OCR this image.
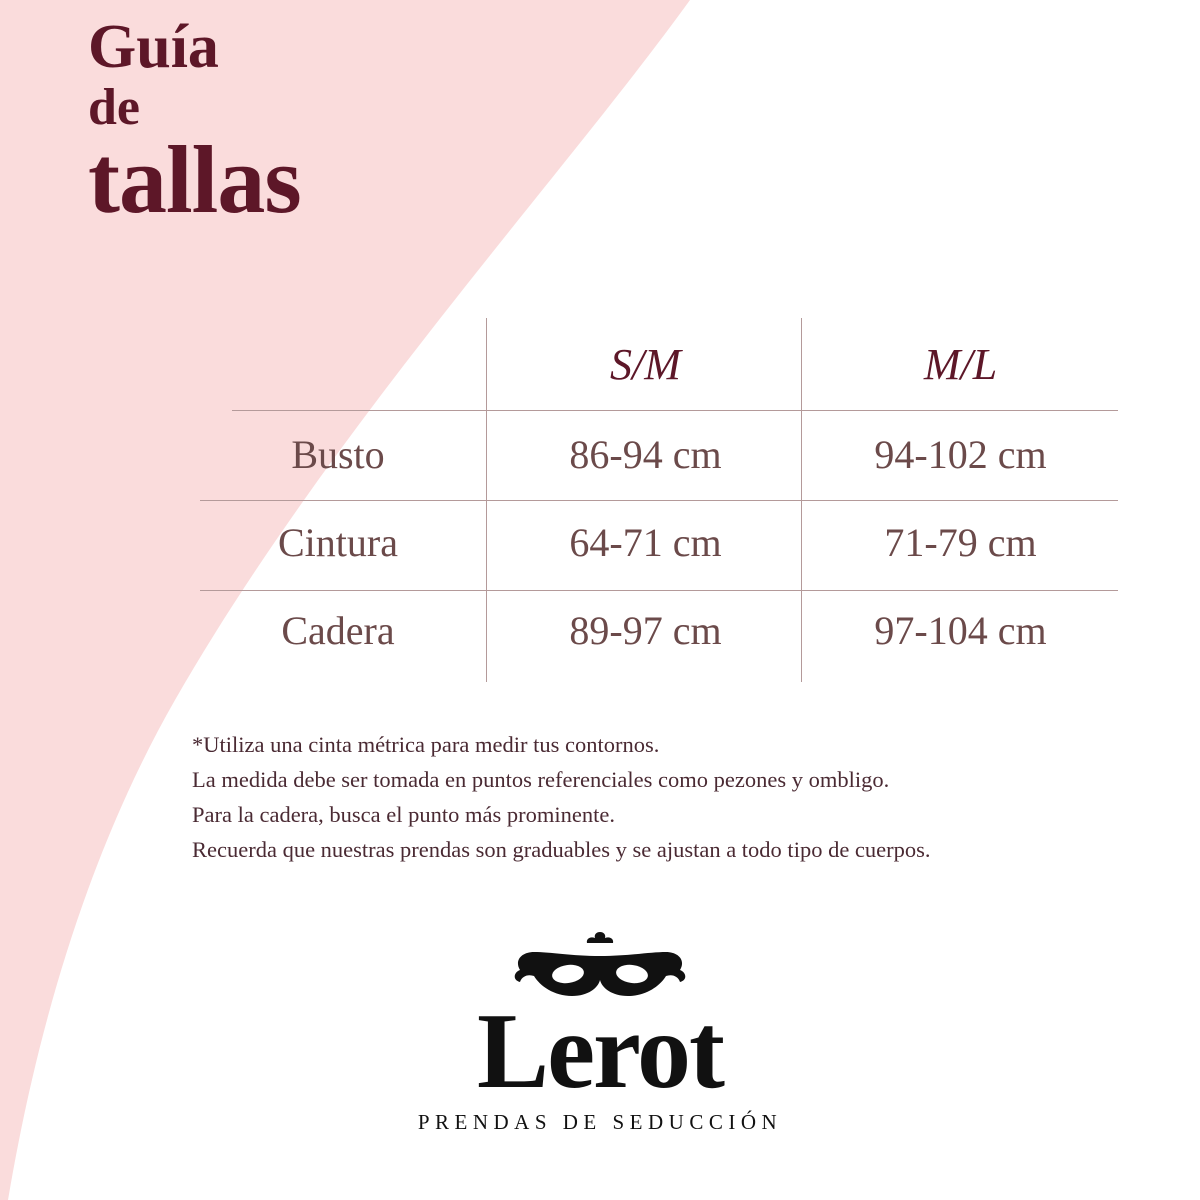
Guía
de
tallas
	S/M	M/L
Busto	86-94 cm	94-102 cm
Cintura	64-71 cm	71-79 cm
Cadera	89-97 cm	97-104 cm
*Utiliza una cinta métrica para medir tus contornos.
La medida debe ser tomada en puntos referenciales como pezones y ombligo.
Para la cadera, busca el punto más prominente.
Recuerda que nuestras prendas son graduables y se ajustan a todo tipo de cuerpos.
Lerot
PRENDAS DE SEDUCCIÓN
